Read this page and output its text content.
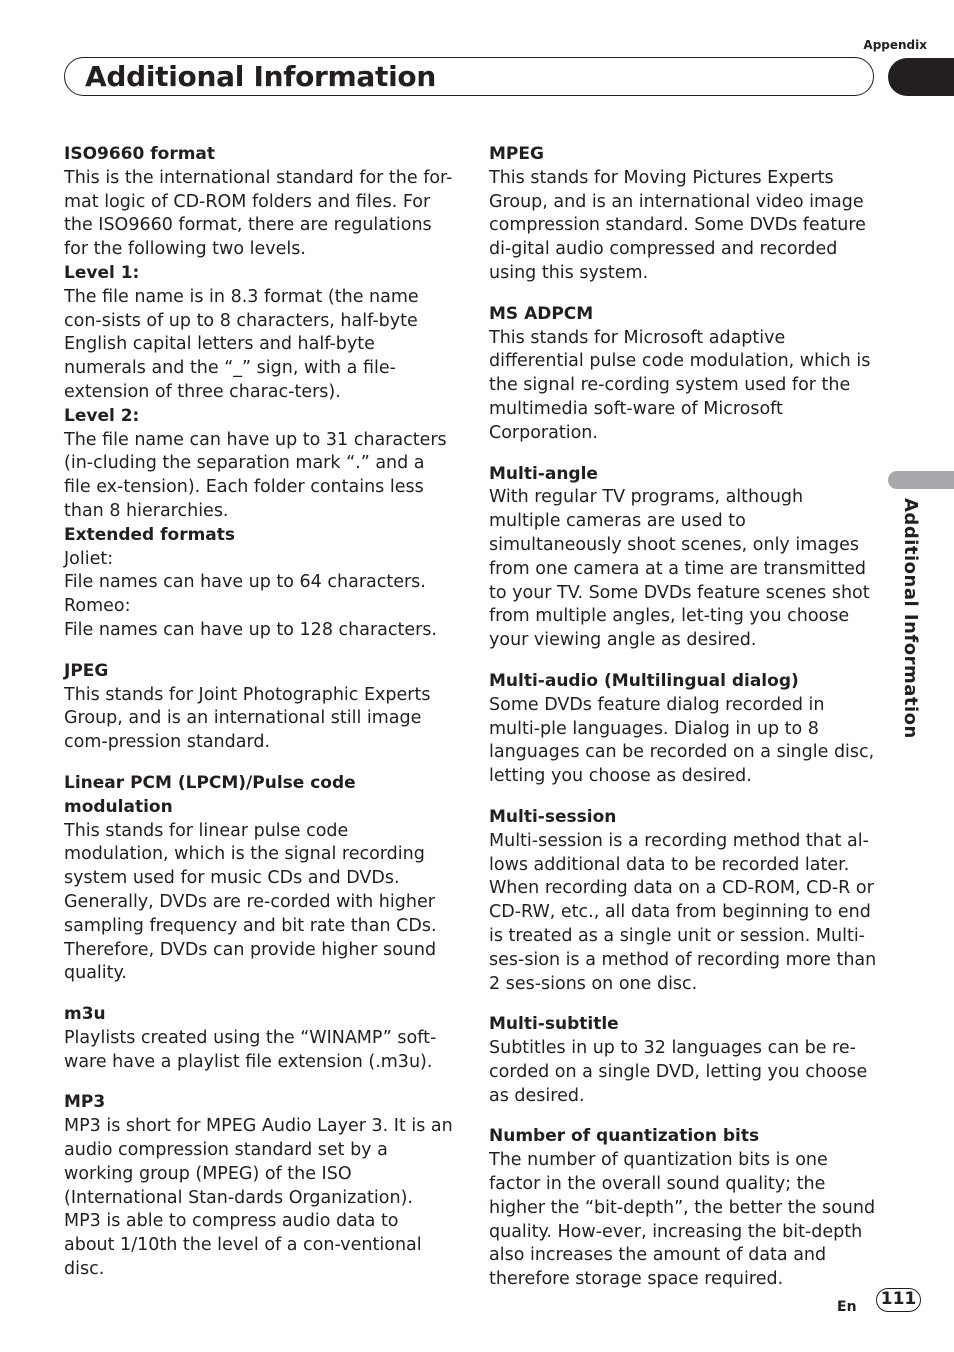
Appendix
Additional Information
Additional Information
ISO9660 format
This is the international standard for the for-mat logic of CD-ROM folders and files. For the ISO9660 format, there are regulations for the following two levels.
Level 1:
The file name is in 8.3 format (the name con-sists of up to 8 characters, half-byte English capital letters and half-byte numerals and the “_” sign, with a file-extension of three charac-ters).
Level 2:
The file name can have up to 31 characters (in-cluding the separation mark “.” and a file ex-tension). Each folder contains less than 8 hierarchies.
Extended formats
Joliet:
File names can have up to 64 characters.
Romeo:
File names can have up to 128 characters.
JPEG
This stands for Joint Photographic Experts Group, and is an international still image com-pression standard.
Linear PCM (LPCM)/Pulse code modulation
This stands for linear pulse code modulation, which is the signal recording system used for music CDs and DVDs. Generally, DVDs are re-corded with higher sampling frequency and bit rate than CDs. Therefore, DVDs can provide higher sound quality.
m3u
Playlists created using the “WINAMP” soft-ware have a playlist file extension (.m3u).
MP3
MP3 is short for MPEG Audio Layer 3. It is an audio compression standard set by a working group (MPEG) of the ISO (International Stan-dards Organization). MP3 is able to compress audio data to about 1/10th the level of a con-ventional disc.
MPEG
This stands for Moving Pictures Experts Group, and is an international video image compression standard. Some DVDs feature di-gital audio compressed and recorded using this system.
MS ADPCM
This stands for Microsoft adaptive differential pulse code modulation, which is the signal re-cording system used for the multimedia soft-ware of Microsoft Corporation.
Multi-angle
With regular TV programs, although multiple cameras are used to simultaneously shoot scenes, only images from one camera at a time are transmitted to your TV. Some DVDs feature scenes shot from multiple angles, let-ting you choose your viewing angle as desired.
Multi-audio (Multilingual dialog)
Some DVDs feature dialog recorded in multi-ple languages. Dialog in up to 8 languages can be recorded on a single disc, letting you choose as desired.
Multi-session
Multi-session is a recording method that al-lows additional data to be recorded later. When recording data on a CD-ROM, CD-R or CD-RW, etc., all data from beginning to end is treated as a single unit or session. Multi-ses-sion is a method of recording more than 2 ses-sions on one disc.
Multi-subtitle
Subtitles in up to 32 languages can be re-corded on a single DVD, letting you choose as desired.
Number of quantization bits
The number of quantization bits is one factor in the overall sound quality; the higher the “bit-depth”, the better the sound quality. How-ever, increasing the bit-depth also increases the amount of data and therefore storage space required.
En 111
